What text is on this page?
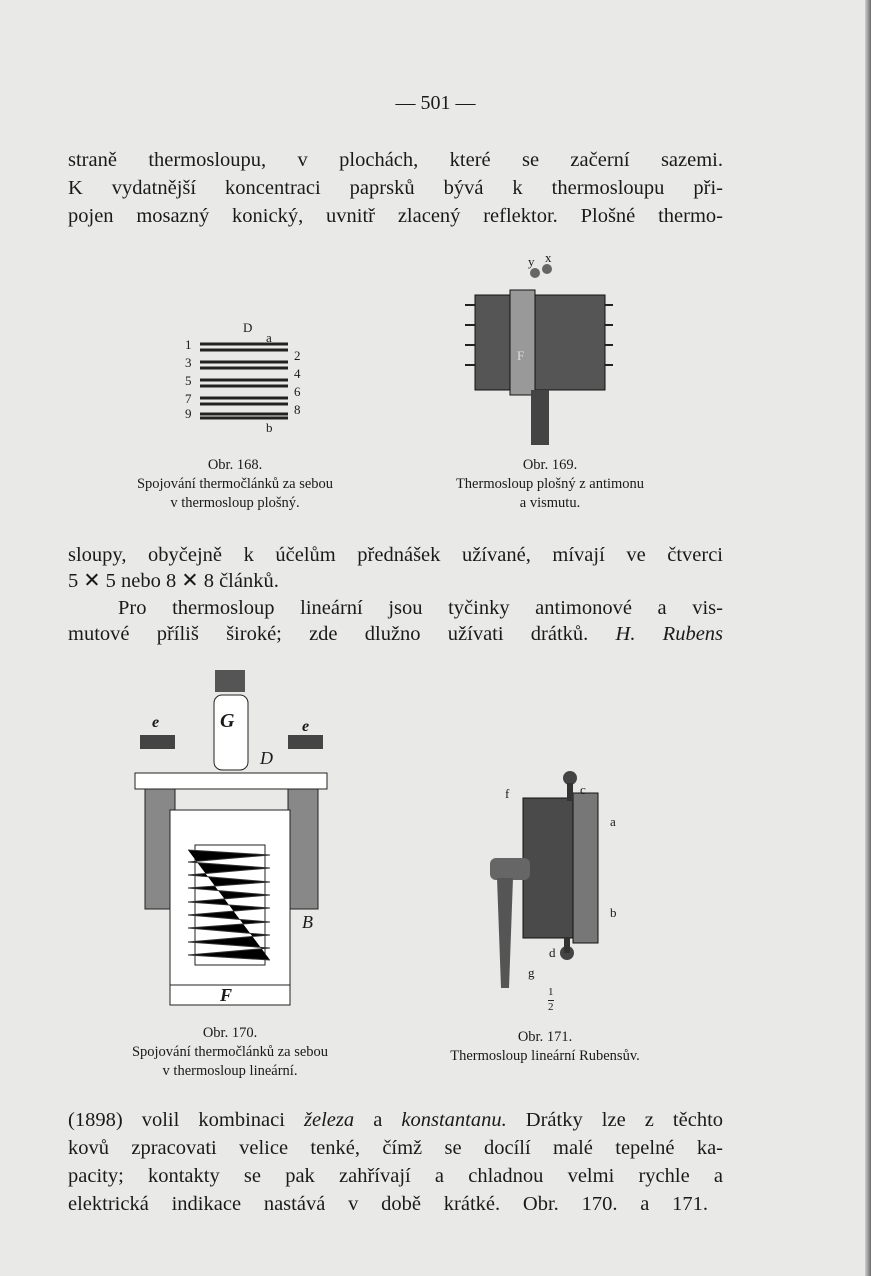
— 501 —
straně thermosloupu, v plochách, které se začerní sazemi.
K vydatnější koncentraci paprsků bývá k thermosloupu při-
pojen mosazný konický, uvnitř zlacený reflektor. Plošné thermo-
D
a
b
1
3
5
7
9
2
4
6
8
Obr. 168.
Spojování thermočlánků za sebou
v thermosloup plošný.
y x
F
Obr. 169.
Thermosloup plošný z antimonu
a vismutu.
sloupy, obyčejně k účelům přednášek užívané, mívají ve čtverci
5 ✕ 5 nebo 8 ✕ 8 článků.
Pro thermosloup lineární jsou tyčinky antimonové a vis-
mutové příliš široké; zde dlužno užívati drátků. H. Rubens
G
D
e	e
B
F
Obr. 170.
Spojování thermočlánků za sebou
v thermosloup lineární.
f	c
a
b
d
g
1
2
Obr. 171.
Thermosloup lineární Rubensův.
(1898) volil kombinaci železa a konstantanu. Drátky lze z těchto
kovů zpracovati velice tenké, čímž se docílí malé tepelné ka-
pacity; kontakty se pak zahřívají a chladnou velmi rychle a
elektrická indikace nastává v době krátké. Obr. 170. a 171.
